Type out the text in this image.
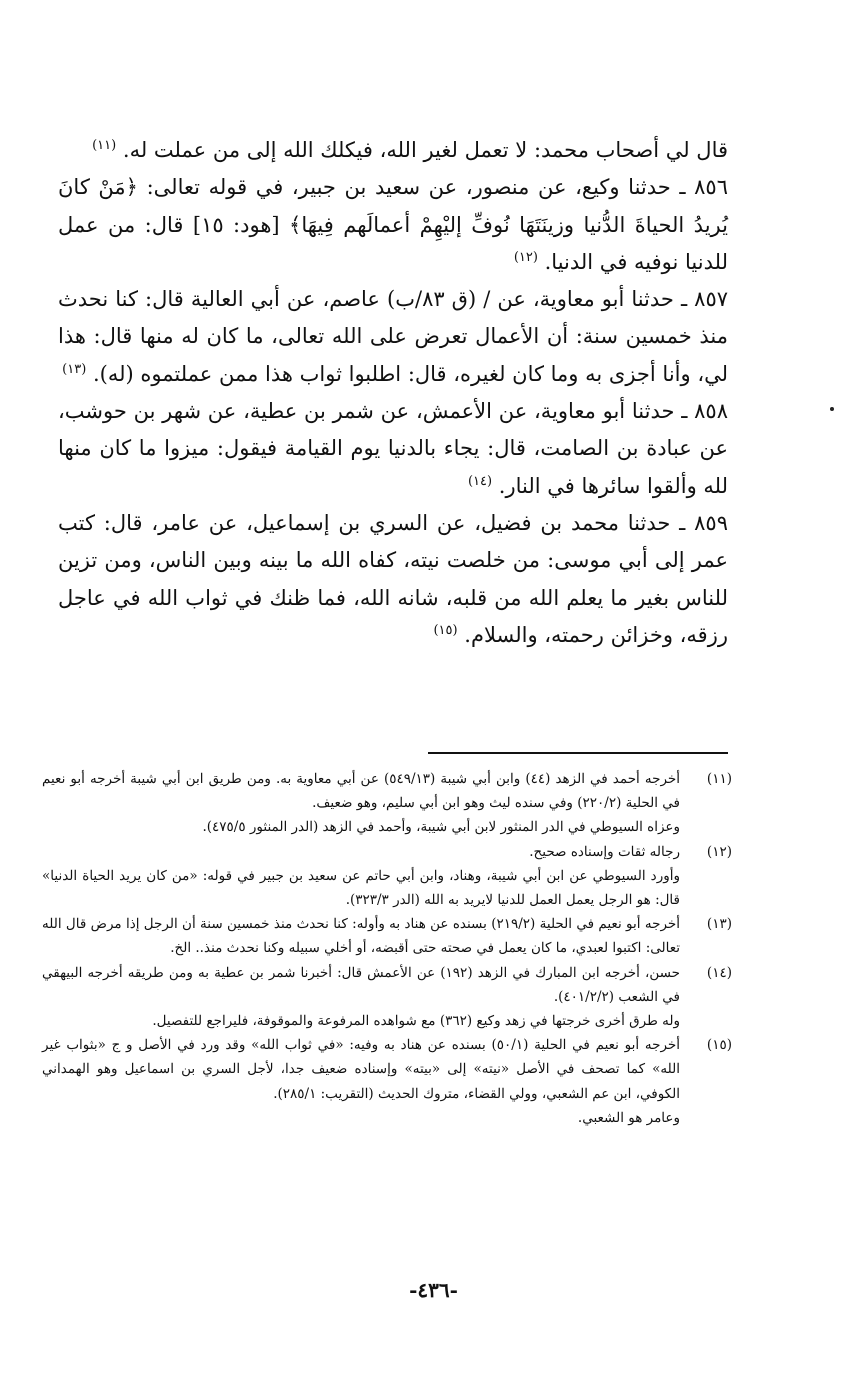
قال لي أصحاب محمد: لا تعمل لغير الله، فيكلك الله إلى من عملت له. $^{(١١)}$

٨٥٦ ـ حدثنا وكيع، عن منصور، عن سعيد بن جبير، في قوله تعالى: ﴿مَنْ كانَ يُريدُ الحياةَ الدُّنيا وزينَتَهَا نُوفِّ إليْهِمْ أعمالَهم فِيهَا﴾ [هود: ١٥] قال: من عمل للدنيا نوفيه في الدنيا. $^{(١٢)}$

٨٥٧ ـ حدثنا أبو معاوية، عن / (ق ٨٣/ب) عاصم، عن أبي العالية قال: كنا نحدث منذ خمسين سنة: أن الأعمال تعرض على الله تعالى، ما كان له منها قال: هذا لي، وأنا أجزى به وما كان لغيره، قال: اطلبوا ثواب هذا ممن عملتموه (له). $^{(١٣)}$

٨٥٨ ـ حدثنا أبو معاوية، عن الأعمش، عن شمر بن عطية، عن شهر بن حوشب، عن عبادة بن الصامت، قال: يجاء بالدنيا يوم القيامة فيقول: ميزوا ما كان منها لله وألقوا سائرها في النار. $^{(١٤)}$

٨٥٩ ـ حدثنا محمد بن فضيل، عن السري بن إسماعيل، عن عامر، قال: كتب عمر إلى أبي موسى: من خلصت نيته، كفاه الله ما بينه وبين الناس، ومن تزين للناس بغير ما يعلم الله من قلبه، شانه الله، فما ظنك في ثواب الله في عاجل رزقه، وخزائن رحمته، والسلام. $^{(١٥)}$

(١١)

أخرجه أحمد في الزهد (٤٤) وابن أبي شيبة (٥٤٩/١٣) عن أبي معاوية به. ومن طريق ابن أبي شيبة أخرجه أبو نعيم في الحلية (٢٢٠/٢) وفي سنده ليث وهو ابن أبي سليم، وهو ضعيف.

وعزاه السيوطي في الدر المنثور لابن أبي شيبة، وأحمد في الزهد (الدر المنثور ٤٧٥/٥).

(١٢)

رجاله ثقات وإسناده صحيح.

وأورد السيوطي عن ابن أبي شيبة، وهناد، وابن أبي حاتم عن سعيد بن جبير في قوله: «من كان يريد الحياة الدنيا» قال: هو الرجل يعمل العمل للدنيا لايريد به الله (الدر ٣٢٣/٣).

(١٣)

أخرجه أبو نعيم في الحلية (٢١٩/٢) بسنده عن هناد به وأوله: كنا نحدث منذ خمسين سنة أن الرجل إذا مرض قال الله تعالى: اكتبوا لعبدي، ما كان يعمل في صحته حتى أقبضه، أو أخلي سبيله وكنا نحدث منذ.. الخ.

(١٤)

حسن، أخرجه ابن المبارك في الزهد (١٩٢) عن الأعمش قال: أخبرنا شمر بن عطية به ومن طريقه أخرجه البيهقي في الشعب (٤٠١/٢/٢).

وله طرق أخرى خرجتها في زهد وكيع (٣٦٢) مع شواهده المرفوعة والموقوفة، فليراجع للتفصيل.

(١٥)

أخرجه أبو نعيم في الحلية (٥٠/١) بسنده عن هناد به وفيه: «في ثواب الله» وقد ورد في الأصل و ج «بثواب غير الله» كما تصحف في الأصل «نيته» إلى «بيته» وإسناده ضعيف جدا، لأجل السري بن اسماعيل وهو الهمداني الكوفي، ابن عم الشعبي، وولي القضاء، متروك الحديث (التقريب: ٢٨٥/١).

وعامر هو الشعبي.

-٤٣٦-
